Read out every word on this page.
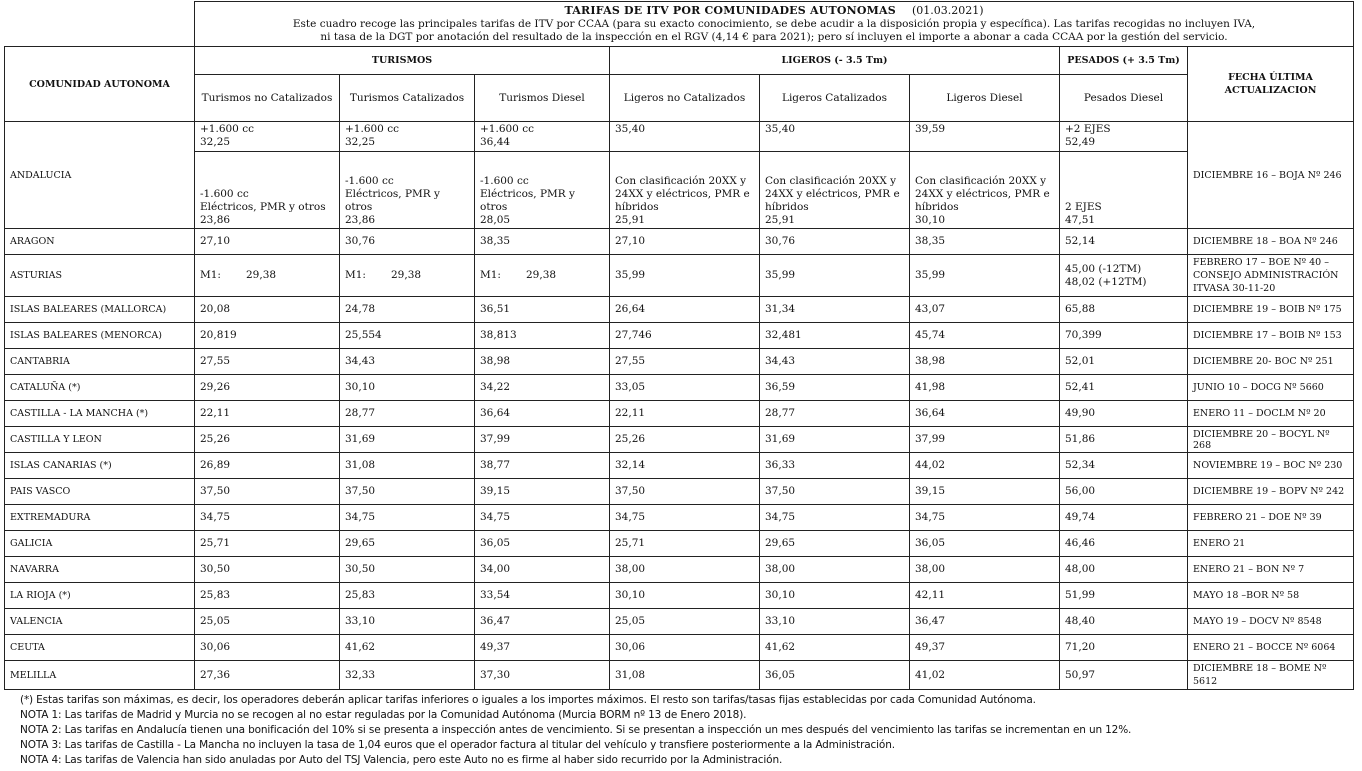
	TARIFAS DE ITV POR COMUNIDADES AUTONOMAS (01.03.2021)
Este cuadro recoge las principales tarifas de ITV por CCAA (para su exacto conocimiento, se debe acudir a la disposición propia y específica). Las tarifas recogidas no incluyen IVA,
ni tasa de la DGT por anotación del resultado de la inspección en el RGV (4,14 € para 2021); pero sí incluyen el importe a abonar a cada CCAA por la gestión del servicio.							

COMUNIDAD AUTONOMA	TURISMOS			LIGEROS (- 3.5 Tm)			PESADOS (+ 3.5 Tm)	FECHA ÚLTIMA ACTUALIZACION
	Turismos no Catalizados	Turismos Catalizados	Turismos Diesel	Ligeros no Catalizados	Ligeros Catalizados	Ligeros Diesel	Pesados Diesel	
ANDALUCIA	+1.600 cc
32,25	+1.600 cc
32,25	+1.600 cc
36,44	35,40	35,40	39,59	+2 EJES
52,49	DICIEMBRE 16 – BOJA Nº 246
	-1.600 cc
Eléctricos, PMR y otros
23,86	-1.600 cc
Eléctricos, PMR y otros
23,86	-1.600 cc
Eléctricos, PMR y otros
28,05	Con clasificación 20XX y 24XX y eléctricos, PMR e híbridos
25,91	Con clasificación 20XX y 24XX y eléctricos, PMR e híbridos
25,91	Con clasificación 20XX y 24XX y eléctricos, PMR e híbridos
30,10	2 EJES
47,51	
ARAGON	27,10	30,76	38,35	27,10	30,76	38,35	52,14	DICIEMBRE 18 – BOA Nº 246
ASTURIAS	M1: 29,38	M1: 29,38	M1: 29,38	35,99	35,99	35,99	45,00 (-12TM)
48,02 (+12TM)	FEBRERO 17 – BOE Nº 40 – CONSEJO ADMINISTRACIÓN ITVASA 30-11-20
ISLAS BALEARES (MALLORCA)	20,08	24,78	36,51	26,64	31,34	43,07	65,88	DICIEMBRE 19 – BOIB Nº 175
ISLAS BALEARES (MENORCA)	20,819	25,554	38,813	27,746	32,481	45,74	70,399	DICIEMBRE 17 – BOIB Nº 153
CANTABRIA	27,55	34,43	38,98	27,55	34,43	38,98	52,01	DICIEMBRE 20- BOC Nº 251
CATALUÑA (*)	29,26	30,10	34,22	33,05	36,59	41,98	52,41	JUNIO 10 – DOCG Nº 5660
CASTILLA - LA MANCHA (*)	22,11	28,77	36,64	22,11	28,77	36,64	49,90	ENERO 11 – DOCLM Nº 20
CASTILLA Y LEON	25,26	31,69	37,99	25,26	31,69	37,99	51,86	DICIEMBRE 20 – BOCYL Nº 268
ISLAS CANARIAS (*)	26,89	31,08	38,77	32,14	36,33	44,02	52,34	NOVIEMBRE 19 – BOC Nº 230
PAIS VASCO	37,50	37,50	39,15	37,50	37,50	39,15	56,00	DICIEMBRE 19 – BOPV Nº 242
EXTREMADURA	34,75	34,75	34,75	34,75	34,75	34,75	49,74	FEBRERO 21 – DOE Nº 39
GALICIA	25,71	29,65	36,05	25,71	29,65	36,05	46,46	ENERO 21
NAVARRA	30,50	30,50	34,00	38,00	38,00	38,00	48,00	ENERO 21 – BON Nº 7
LA RIOJA (*)	25,83	25,83	33,54	30,10	30,10	42,11	51,99	MAYO 18 –BOR Nº 58
VALENCIA	25,05	33,10	36,47	25,05	33,10	36,47	48,40	MAYO 19 – DOCV Nº 8548
CEUTA	30,06	41,62	49,37	30,06	41,62	49,37	71,20	ENERO 21 – BOCCE Nº 6064
MELILLA	27,36	32,33	37,30	31,08	36,05	41,02	50,97	DICIEMBRE 18 – BOME Nº 5612
(*) Estas tarifas son máximas, es decir, los operadores deberán aplicar tarifas inferiores o iguales a los importes máximos. El resto son tarifas/tasas fijas establecidas por cada Comunidad Autónoma.
NOTA 1: Las tarifas de Madrid y Murcia no se recogen al no estar reguladas por la Comunidad Autónoma (Murcia BORM nº 13 de Enero 2018).
NOTA 2: Las tarifas en Andalucía tienen una bonificación del 10% si se presenta a inspección antes de vencimiento. Si se presentan a inspección un mes después del vencimiento las tarifas se incrementan en un 12%.
NOTA 3: Las tarifas de Castilla - La Mancha no incluyen la tasa de 1,04 euros que el operador factura al titular del vehículo y transfiere posteriormente a la Administración.
NOTA 4: Las tarifas de Valencia han sido anuladas por Auto del TSJ Valencia, pero este Auto no es firme al haber sido recurrido por la Administración.
